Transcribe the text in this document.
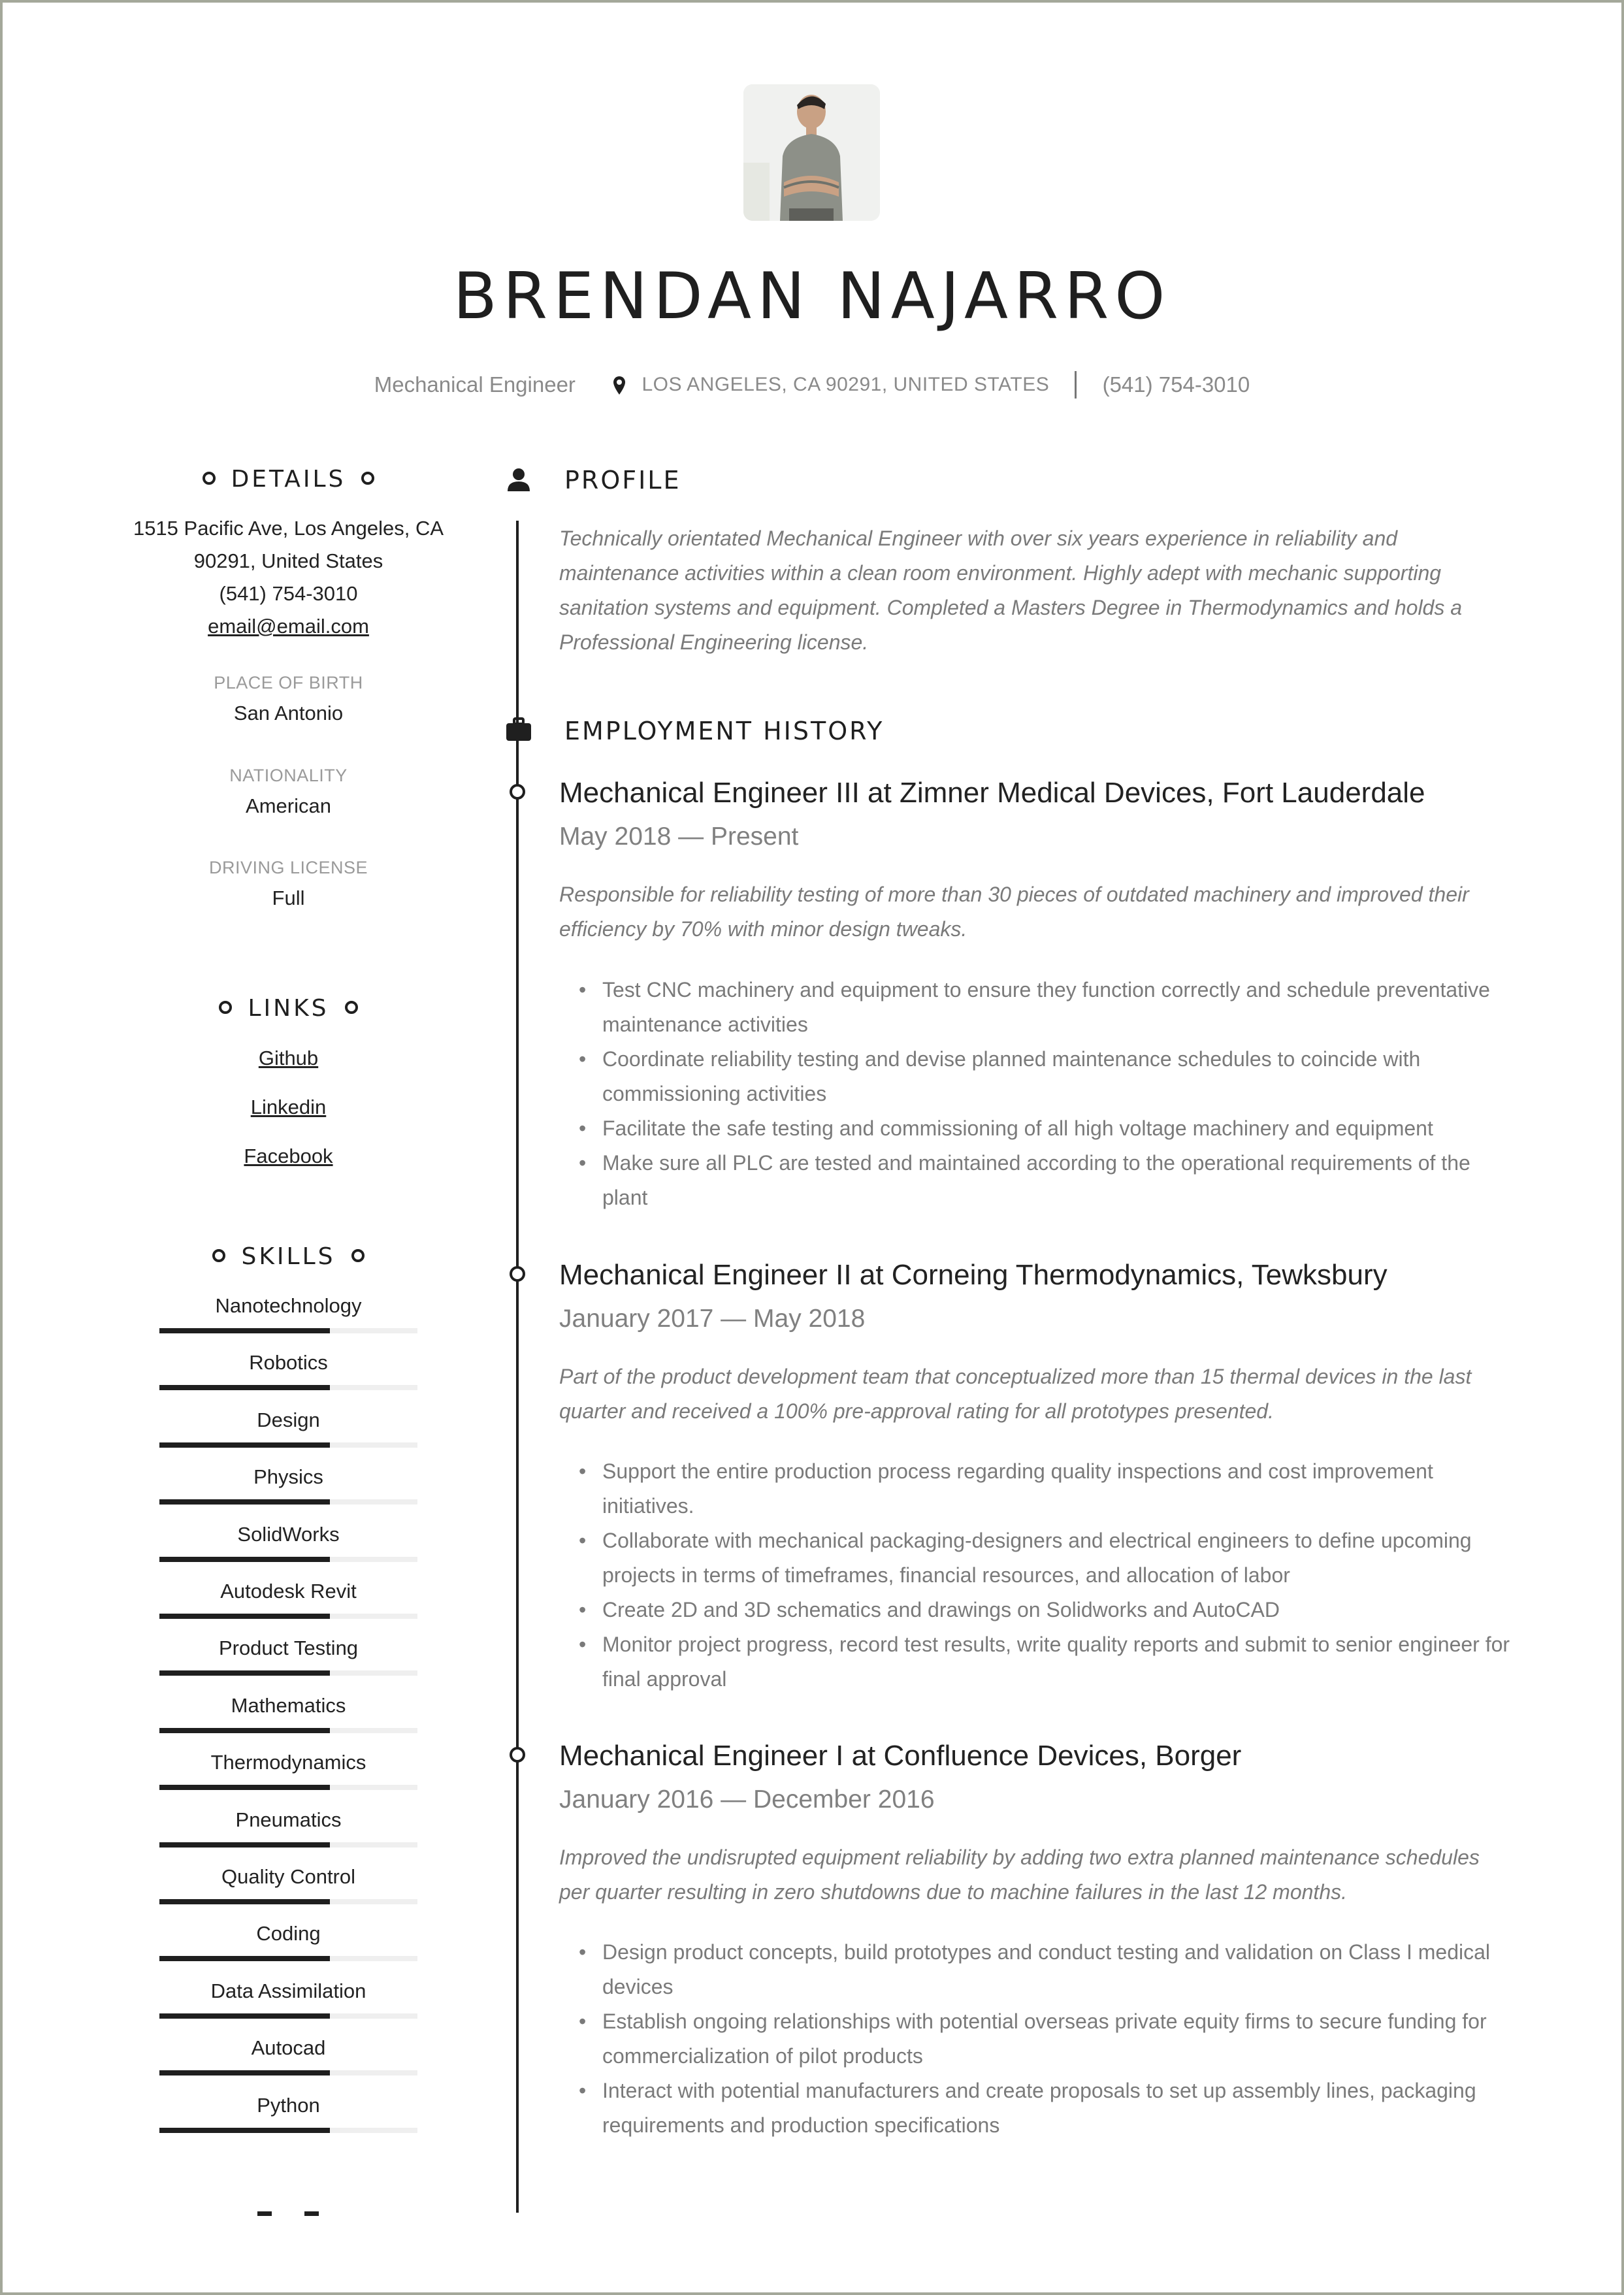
BRENDAN NAJARRO
Mechanical Engineer	LOS ANGELES, CA 90291, UNITED STATES (541) 754-3010
DETAILS
1515 Pacific Ave, Los Angeles, CA
90291, United States
(541) 754-3010
email@email.com
PLACE OF BIRTH
San Antonio
NATIONALITY
American
DRIVING LICENSE
Full
LINKS
Github
Linkedin
Facebook
SKILLS
Nanotechnology
Robotics
Design
Physics
SolidWorks
Autodesk Revit
Product Testing
Mathematics
Thermodynamics
Pneumatics
Quality Control
Coding
Data Assimilation
Autocad
Python
PROFILE
Technically orientated Mechanical Engineer with over six years experience in reliability and maintenance activities within a clean room environment. Highly adept with mechanic supporting sanitation systems and equipment. Completed a Masters Degree in Thermodynamics and holds a Professional Engineering license.
EMPLOYMENT HISTORY
Mechanical Engineer III at Zimner Medical Devices, Fort Lauderdale
May 2018 — Present
Responsible for reliability testing of more than 30 pieces of outdated machinery and improved their efficiency by 70% with minor design tweaks.
• Test CNC machinery and equipment to ensure they function correctly and schedule preventative maintenance activities
• Coordinate reliability testing and devise planned maintenance schedules to coincide with commissioning activities
• Facilitate the safe testing and commissioning of all high voltage machinery and equipment
• Make sure all PLC are tested and maintained according to the operational requirements of the plant
Mechanical Engineer II at Corneing Thermodynamics, Tewksbury
January 2017 — May 2018
Part of the product development team that conceptualized more than 15 thermal devices in the last quarter and received a 100% pre-approval rating for all prototypes presented.
• Support the entire production process regarding quality inspections and cost improvement initiatives.
• Collaborate with mechanical packaging-designers and electrical engineers to define upcoming projects in terms of timeframes, financial resources, and allocation of labor
• Create 2D and 3D schematics and drawings on Solidworks and AutoCAD
• Monitor project progress, record test results, write quality reports and submit to senior engineer for final approval
Mechanical Engineer I at Confluence Devices, Borger
January 2016 — December 2016
Improved the undisrupted equipment reliability by adding two extra planned maintenance schedules per quarter resulting in zero shutdowns due to machine failures in the last 12 months.
• Design product concepts, build prototypes and conduct testing and validation on Class I medical devices
• Establish ongoing relationships with potential overseas private equity firms to secure funding for commercialization of pilot products
• Interact with potential manufacturers and create proposals to set up assembly lines, packaging requirements and production specifications
